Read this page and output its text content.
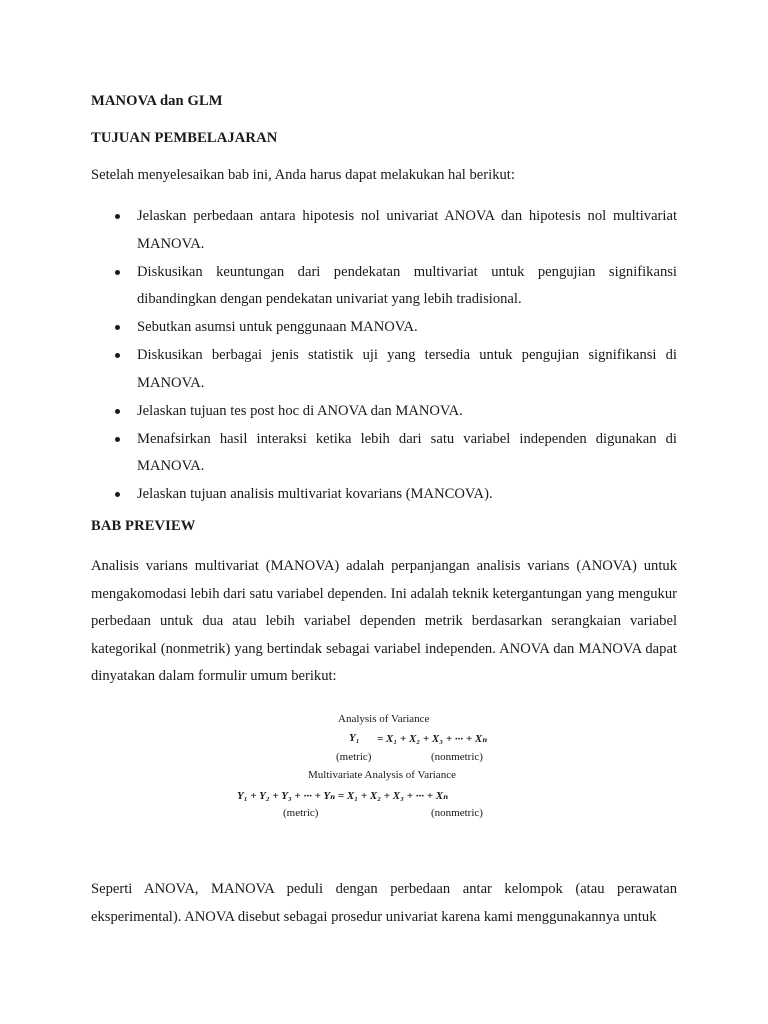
MANOVA dan GLM
TUJUAN PEMBELAJARAN
Setelah menyelesaikan bab ini, Anda harus dapat melakukan hal berikut:
Jelaskan perbedaan antara hipotesis nol univariat ANOVA dan hipotesis nol multivariat MANOVA.
Diskusikan keuntungan dari pendekatan multivariat untuk pengujian signifikansi dibandingkan dengan pendekatan univariat yang lebih tradisional.
Sebutkan asumsi untuk penggunaan MANOVA.
Diskusikan berbagai jenis statistik uji yang tersedia untuk pengujian signifikansi di MANOVA.
Jelaskan tujuan tes post hoc di ANOVA dan MANOVA.
Menafsirkan hasil interaksi ketika lebih dari satu variabel independen digunakan di MANOVA.
Jelaskan tujuan analisis multivariat kovarians (MANCOVA).
BAB PREVIEW

Analisis varians multivariat (MANOVA) adalah perpanjangan analisis varians (ANOVA) untuk mengakomodasi lebih dari satu variabel dependen. Ini adalah teknik ketergantungan yang mengukur perbedaan untuk dua atau lebih variabel dependen metrik berdasarkan serangkaian variabel kategorikal (nonmetrik) yang bertindak sebagai variabel independen. ANOVA dan MANOVA dapat dinyatakan dalam formulir umum berikut:

Analysis of Variance
Y₁ = X₁ + X₂ + X₃ + ··· + Xₙ
(metric)	(nonmetric)
Multivariate Analysis of Variance
Y₁ + Y₂ + Y₃ + ··· + Yₙ = X₁ + X₂ + X₃ + ··· + Xₙ
(metric)	(nonmetric)

Seperti ANOVA, MANOVA peduli dengan perbedaan antar kelompok (atau perawatan eksperimental). ANOVA disebut sebagai prosedur univariat karena kami menggunakannya untuk
